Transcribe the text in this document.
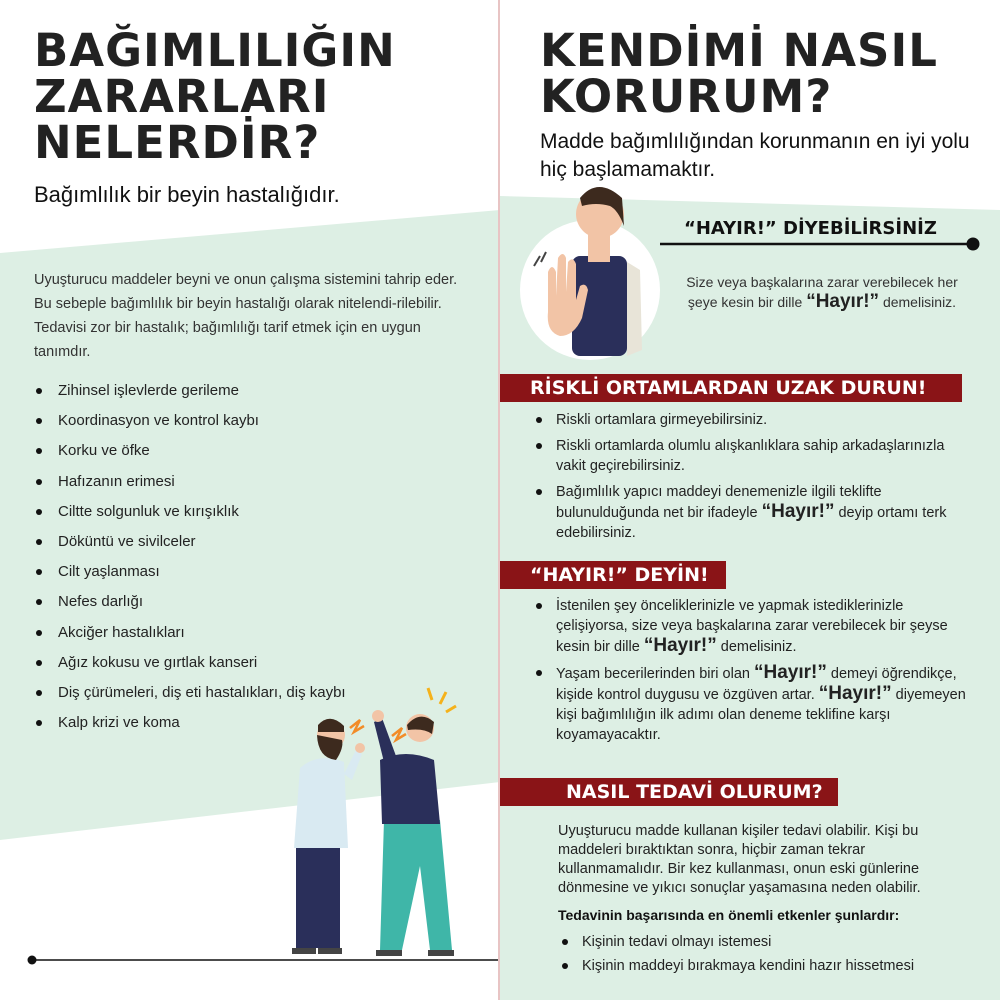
BAĞIMLILIĞIN
ZARARLARI
NELERDİR?
Bağımlılık bir beyin hastalığıdır.
Uyuşturucu maddeler beyni ve onun çalışma sistemini tahrip eder. Bu sebeple bağımlılık bir beyin hastalığı olarak nitelendi-rilebilir. Tedavisi zor bir hastalık; bağımlılığı tarif etmek için en uygun tanımdır.
Zihinsel işlevlerde gerileme
Koordinasyon ve kontrol kaybı
Korku ve öfke
Hafızanın erimesi
Ciltte solgunluk ve kırışıklık
Döküntü ve sivilceler
Cilt yaşlanması
Nefes darlığı
Akciğer hastalıkları
Ağız kokusu ve gırtlak kanseri
Diş çürümeleri, diş eti hastalıkları, diş kaybı
Kalp krizi ve koma
KENDİMİ NASIL
KORURUM?
Madde bağımlılığından korunmanın en iyi yolu hiç başlamamaktır.
“HAYIR!” DİYEBİLİRSİNİZ
Size veya başkalarına zarar verebilecek her şeye kesin bir dille “Hayır!” demelisiniz.
RİSKLİ ORTAMLARDAN UZAK DURUN!
Riskli ortamlara girmeyebilirsiniz.
Riskli ortamlarda olumlu alışkanlıklara sahip arkadaşlarınızla vakit geçirebilirsiniz.
Bağımlılık yapıcı maddeyi denemenizle ilgili teklifte bulunulduğunda net bir ifadeyle “Hayır!” deyip ortamı terk edebilirsiniz.
“HAYIR!” DEYİN!
İstenilen şey önceliklerinizle ve yapmak istediklerinizle çelişiyorsa, size veya başkalarına zarar verebilecek bir şeyse kesin bir dille “Hayır!” demelisiniz.
Yaşam becerilerinden biri olan “Hayır!” demeyi öğrendikçe, kişide kontrol duygusu ve özgüven artar. “Hayır!” diyemeyen kişi bağımlılığın ilk adımı olan deneme teklifine karşı koyamayacaktır.
NASIL TEDAVİ OLURUM?
Uyuşturucu madde kullanan kişiler tedavi olabilir. Kişi bu maddeleri bıraktıktan sonra, hiçbir zaman tekrar kullanmamalıdır. Bir kez kullanması, onun eski günlerine dönmesine ve yıkıcı sonuçlar yaşamasına neden olabilir.
Tedavinin başarısında en önemli etkenler şunlardır:
Kişinin tedavi olmayı istemesi
Kişinin maddeyi bırakmaya kendini hazır hissetmesi
